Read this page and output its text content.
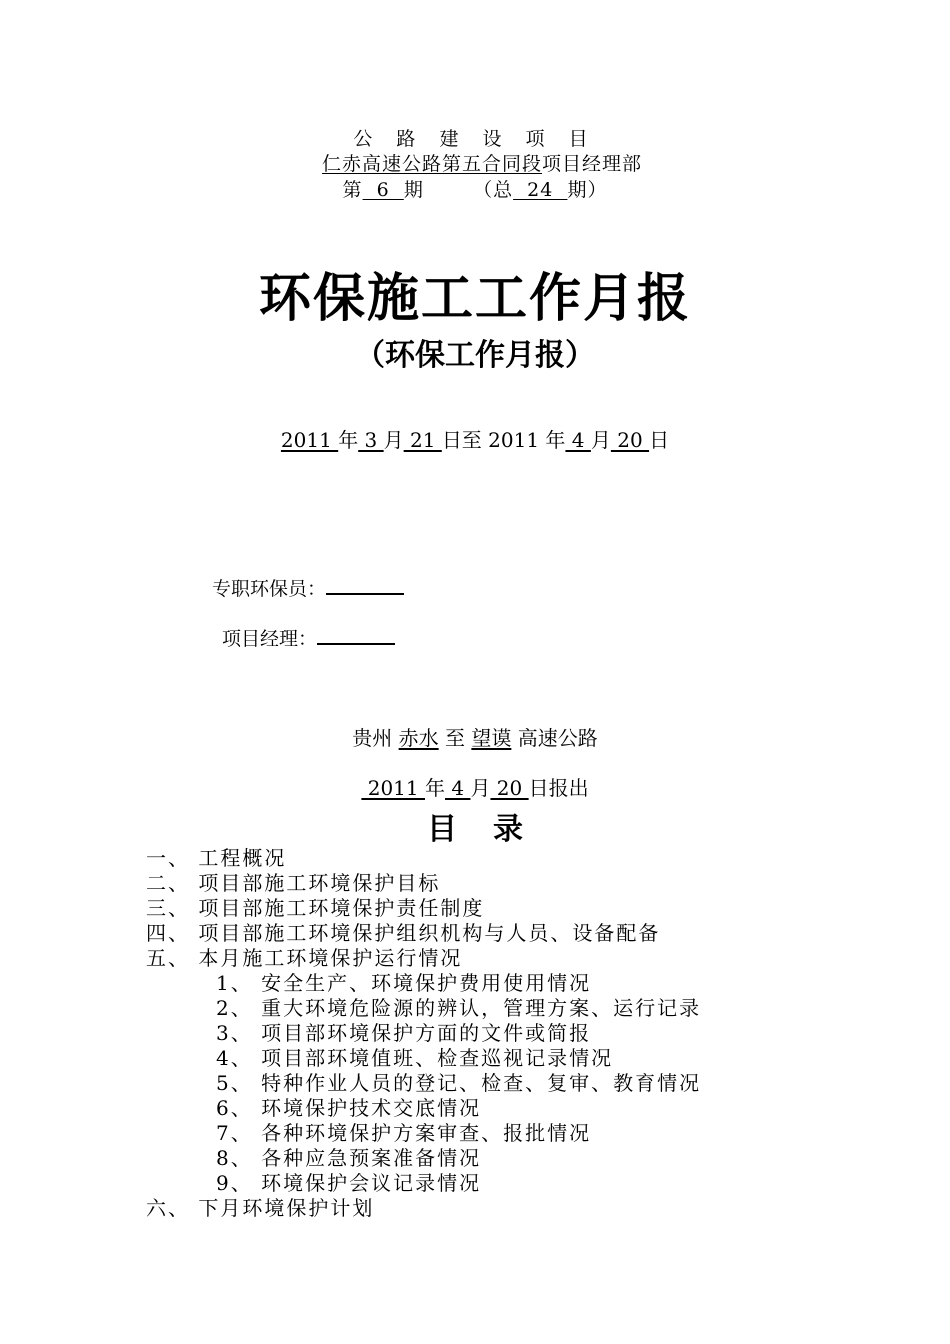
公 路 建 设 项 目
仁赤高速公路第五合同段项目经理部
第  6  期       （总  24  期）
环保施工工作月报
（环保工作月报）
2011 年 3 月 21 日至 2011 年 4 月 20 日
专职环保员：
项目经理：
贵州 赤水 至 望谟 高速公路
2011 年 4 月 20 日报出
目录
一、 工程概况
二、 项目部施工环境保护目标
三、 项目部施工环境保护责任制度
四、 项目部施工环境保护组织机构与人员、设备配备
五、 本月施工环境保护运行情况
1、 安全生产、环境保护费用使用情况
2、 重大环境危险源的辨认，管理方案、运行记录
3、 项目部环境保护方面的文件或简报
4、 项目部环境值班、检查巡视记录情况
5、 特种作业人员的登记、检查、复审、教育情况
6、 环境保护技术交底情况
7、 各种环境保护方案审查、报批情况
8、 各种应急预案准备情况
9、 环境保护会议记录情况
六、 下月环境保护计划
